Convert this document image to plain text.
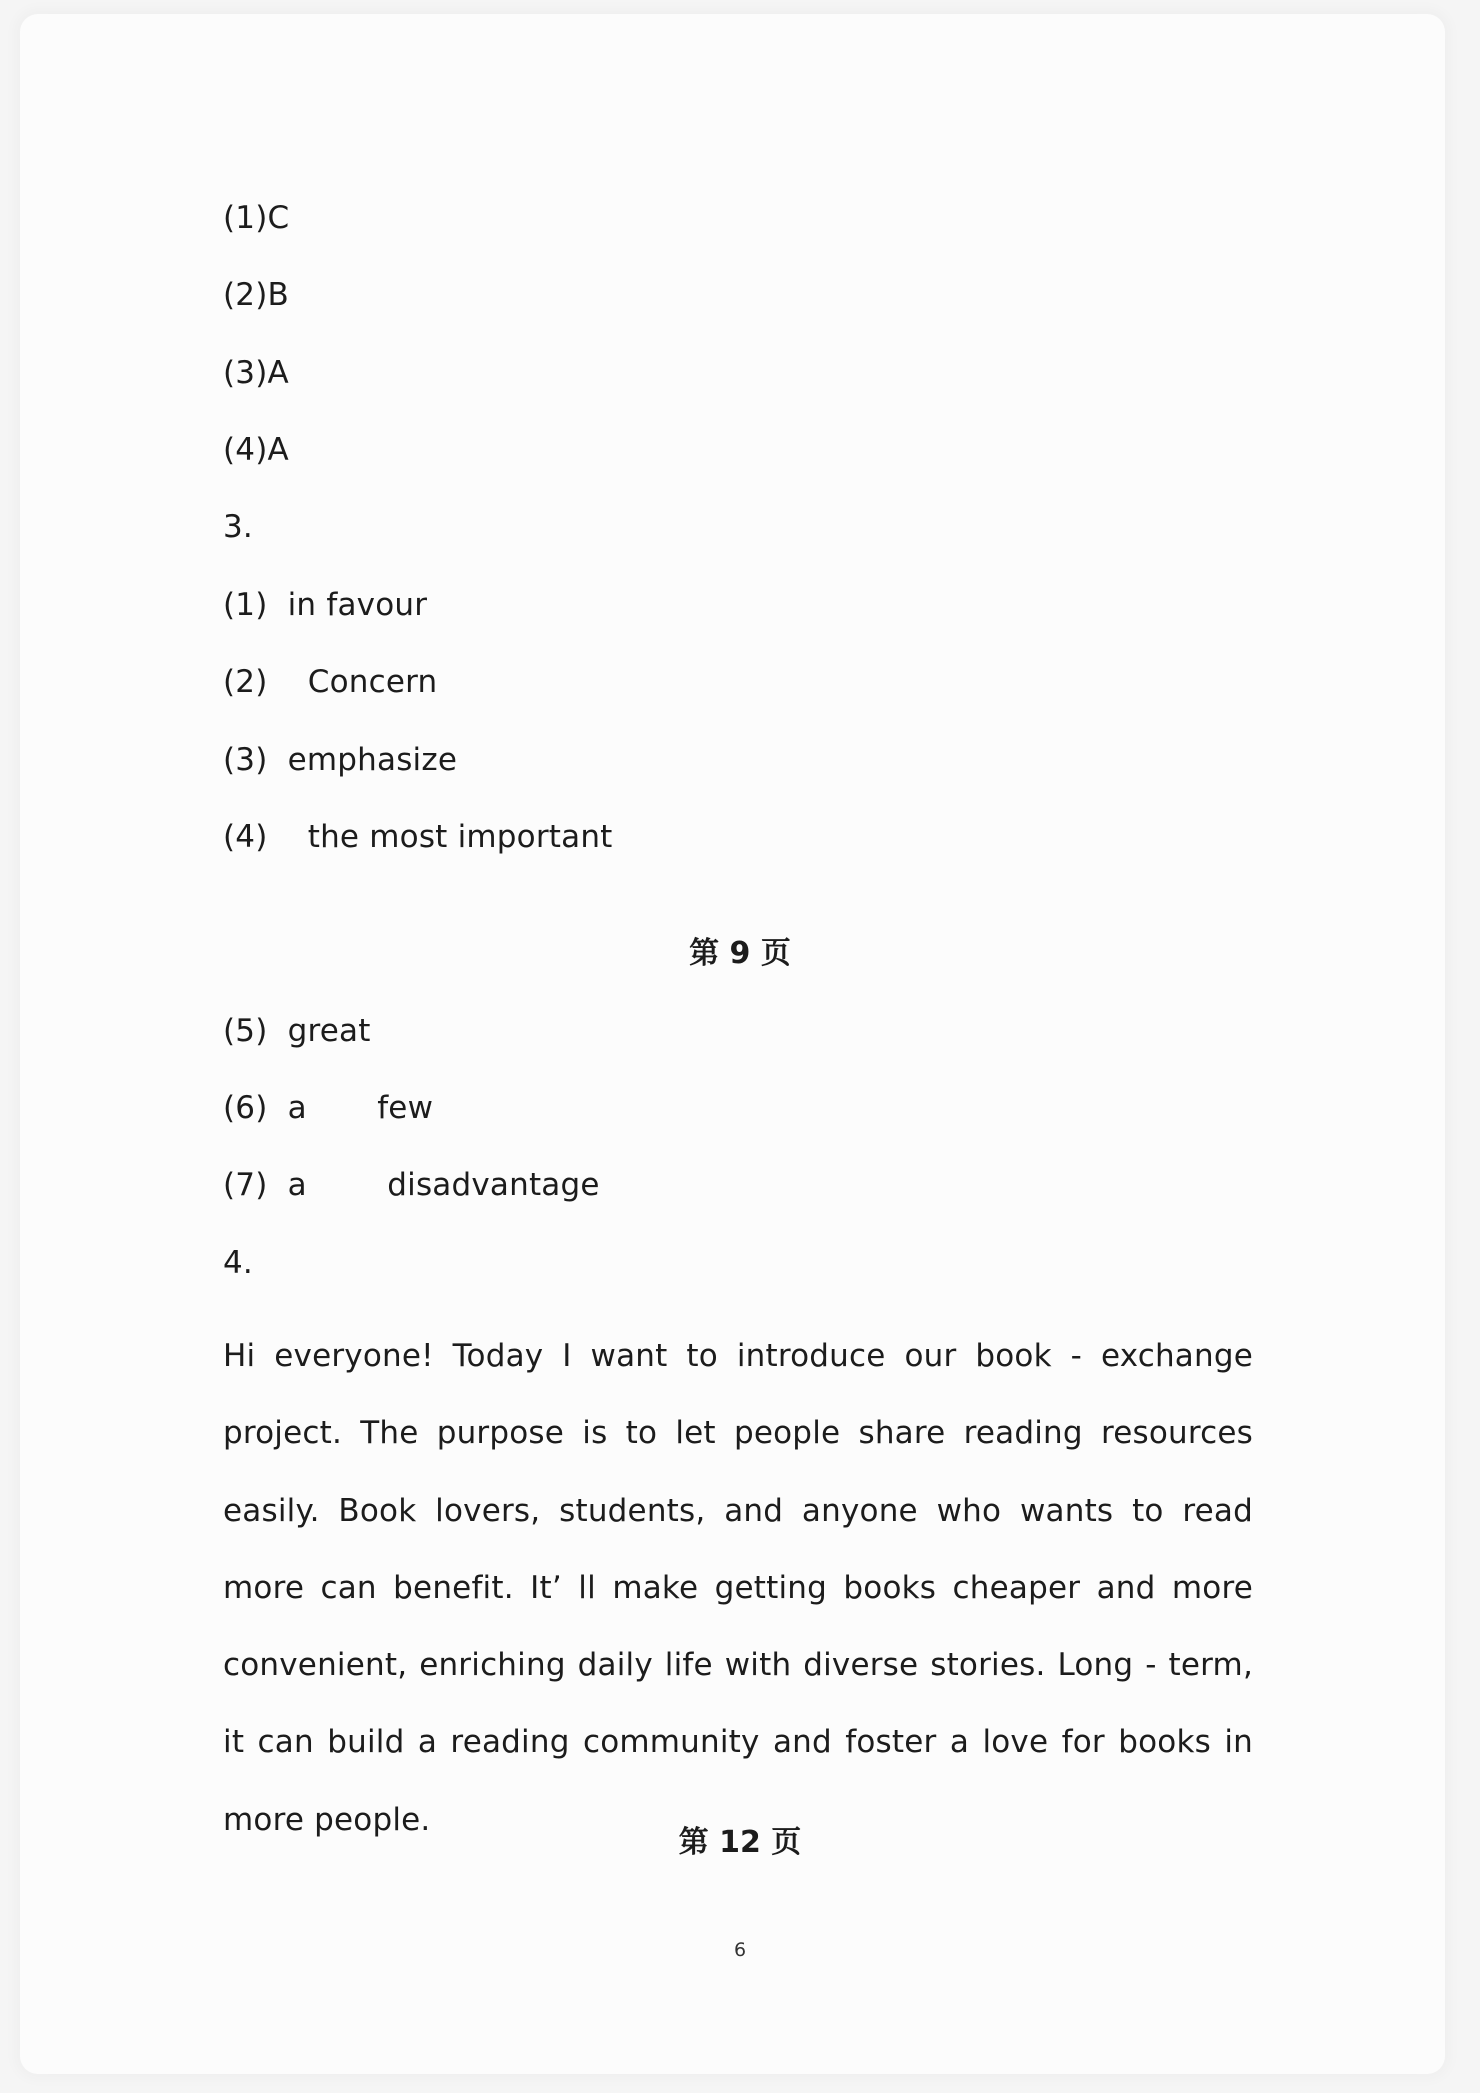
(1)C
(2)B
(3)A
(4)A
3.
(1)  in favour
(2)    Concern
(3)  emphasize
(4)    the most important
第 9 页
(5)  great
(6)  a       few
(7)  a        disadvantage
4.
Hi everyone! Today I want to introduce our book - exchange project. The purpose is to let people share reading resources easily. Book lovers, students, and anyone who wants to read more can benefit. It’ ll make getting books cheaper and more convenient, enriching daily life with diverse stories. Long - term, it can build a reading community and foster a love for books in more people.
第 12 页
6
